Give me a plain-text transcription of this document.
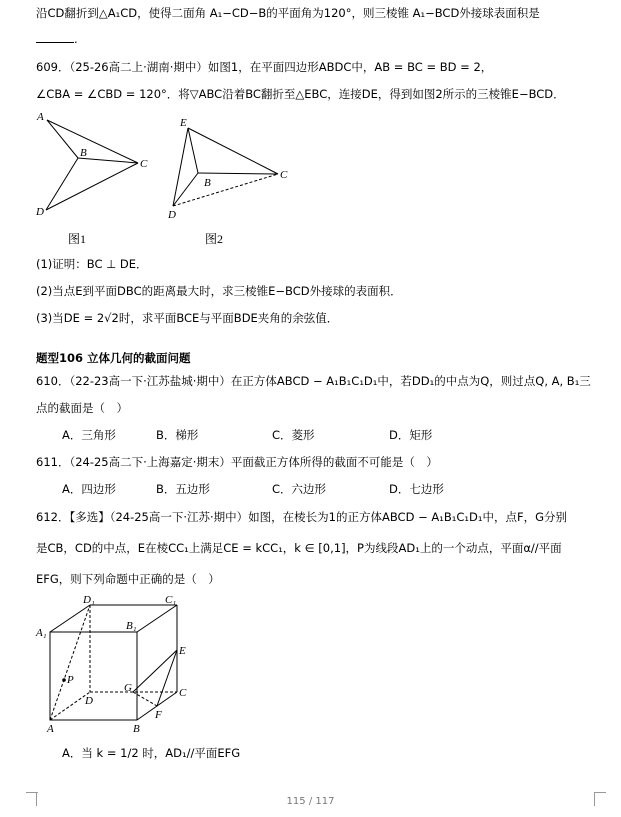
沿CD翻折到△A₁CD，使得二面角 A₁−CD−B的平面角为120°，则三棱锥 A₁−BCD外接球表面积是
.
609．（25-26高二上·湖南·期中）如图1，在平面四边形ABDC中，AB = BC = BD = 2，
∠CBA = ∠CBD = 120°．将▽ABC沿着BC翻折至△EBC，连接DE，得到如图2所示的三棱锥E−BCD．
A
B
C
D
图1
E
B
C
D
图2
(1)证明：BC ⊥ DE．
(2)当点E到平面DBC的距离最大时，求三棱锥E−BCD外接球的表面积．
(3)当DE = 2√2时，求平面BCE与平面BDE夹角的余弦值．
题型106 立体几何的截面问题
610．（22-23高一下·江苏盐城·期中）在正方体ABCD − A₁B₁C₁D₁中，若DD₁的中点为Q，则过点Q, A, B₁三
点的截面是（　）
A．三角形	B．梯形	C．菱形	D．矩形
611．（24-25高二下·上海嘉定·期末）平面截正方体所得的截面不可能是（　）
A．四边形	B．五边形	C．六边形	D．七边形
612．【多选】（24-25高一下·江苏·期中）如图，在棱长为1的正方体ABCD − A₁B₁C₁D₁中，点F，G分别
是CB，CD的中点，E在棱CC₁上满足CE = kCC₁，k ∈ [0,1]，P为线段AD₁上的一个动点，平面α//平面
EFG，则下列命题中正确的是（　）
D₁	C₁
A₁
B₁
E
P
G	C
D
A	B
F
A．当 k = 1/2 时，AD₁//平面EFG
115 / 117
